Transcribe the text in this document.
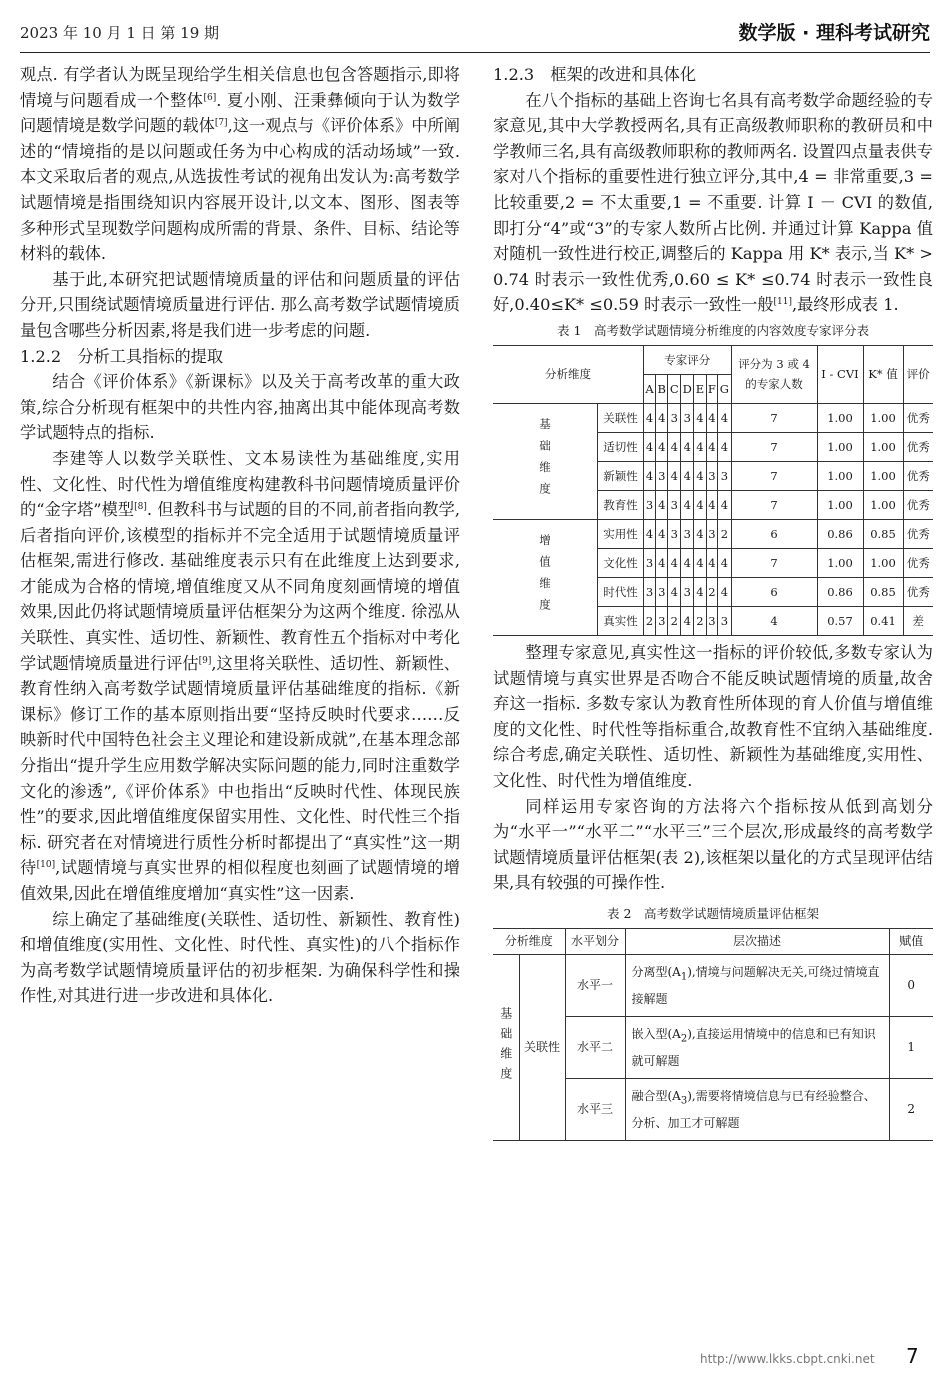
2023 年 10 月 1 日 第 19 期	数学版 · 理科考试研究

观点. 有学者认为既呈现给学生相关信息也包含答题指示,即将情境与问题看成一个整体[6]. 夏小刚、汪秉彝倾向于认为数学问题情境是数学问题的载体[7],这一观点与《评价体系》中所阐述的“情境指的是以问题或任务为中心构成的活动场域”一致. 本文采取后者的观点,从选拔性考试的视角出发认为:高考数学试题情境是指围绕知识内容展开设计,以文本、图形、图表等多种形式呈现数学问题构成所需的背景、条件、目标、结论等材料的载体.

基于此,本研究把试题情境质量的评估和问题质量的评估分开,只围绕试题情境质量进行评估. 那么高考数学试题情境质量包含哪些分析因素,将是我们进一步考虑的问题.

1.2.2　分析工具指标的提取

结合《评价体系》《新课标》以及关于高考改革的重大政策,综合分析现有框架中的共性内容,抽离出其中能体现高考数学试题特点的指标.

李建等人以数学关联性、文本易读性为基础维度,实用性、文化性、时代性为增值维度构建教科书问题情境质量评价的“金字塔”模型[8]. 但教科书与试题的目的不同,前者指向教学,后者指向评价,该模型的指标并不完全适用于试题情境质量评估框架,需进行修改. 基础维度表示只有在此维度上达到要求,才能成为合格的情境,增值维度又从不同角度刻画情境的增值效果,因此仍将试题情境质量评估框架分为这两个维度. 徐泓从关联性、真实性、适切性、新颖性、教育性五个指标对中考化学试题情境质量进行评估[9],这里将关联性、适切性、新颖性、教育性纳入高考数学试题情境质量评估基础维度的指标.《新课标》修订工作的基本原则指出要“坚持反映时代要求……反映新时代中国特色社会主义理论和建设新成就”,在基本理念部分指出“提升学生应用数学解决实际问题的能力,同时注重数学文化的渗透”,《评价体系》中也指出“反映时代性、体现民族性”的要求,因此增值维度保留实用性、文化性、时代性三个指标. 研究者在对情境进行质性分析时都提出了“真实性”这一期待[10],试题情境与真实世界的相似程度也刻画了试题情境的增值效果,因此在增值维度增加“真实性”这一因素.

综上确定了基础维度(关联性、适切性、新颖性、教育性)和增值维度(实用性、文化性、时代性、真实性)的八个指标作为高考数学试题情境质量评估的初步框架. 为确保科学性和操作性,对其进行进一步改进和具体化.

1.2.3　框架的改进和具体化

在八个指标的基础上咨询七名具有高考数学命题经验的专家意见,其中大学教授两名,具有正高级教师职称的教研员和中学教师三名,具有高级教师职称的教师两名. 设置四点量表供专家对八个指标的重要性进行独立评分,其中,4 = 非常重要,3 = 比较重要,2 = 不太重要,1 = 不重要. 计算 Ⅰ － CVI 的数值,即打分“4”或“3”的专家人数所占比例. 并通过计算 Kappa 值对随机一致性进行校正,调整后的 Kappa 用 K* 表示,当 K* > 0.74 时表示一致性优秀,0.60 ≤ K* ≤0.74 时表示一致性良好,0.40≤K* ≤0.59 时表示一致性一般[11],最终形成表 1.

表 1　高考数学试题情境分析维度的内容效度专家评分表
分析维度		专家评分							评分为 3 或 4 的专家人数	Ⅰ - CVI	K* 值	评价
		A	B	C	D	E	F	G				
基础维度	关联性	4	4	3	3	4	4	4	7	1.00	1.00	优秀
	适切性	4	4	4	4	4	4	4	7	1.00	1.00	优秀
	新颖性	4	3	4	4	4	3	3	7	1.00	1.00	优秀
	教育性	3	4	3	4	4	4	4	7	1.00	1.00	优秀
增值维度	实用性	4	4	3	3	4	3	2	6	0.86	0.85	优秀
	文化性	3	4	4	4	4	4	4	7	1.00	1.00	优秀
	时代性	3	3	4	3	4	2	4	6	0.86	0.85	优秀
	真实性	2	3	2	4	2	3	3	4	0.57	0.41	差

整理专家意见,真实性这一指标的评价较低,多数专家认为试题情境与真实世界是否吻合不能反映试题情境的质量,故舍弃这一指标. 多数专家认为教育性所体现的育人价值与增值维度的文化性、时代性等指标重合,故教育性不宜纳入基础维度. 综合考虑,确定关联性、适切性、新颖性为基础维度,实用性、文化性、时代性为增值维度.

同样运用专家咨询的方法将六个指标按从低到高划分为“水平一”“水平二”“水平三”三个层次,形成最终的高考数学试题情境质量评估框架(表 2),该框架以量化的方式呈现评估结果,具有较强的可操作性.

表 2　高考数学试题情境质量评估框架
分析维度		水平划分	层次描述	赋值
基础维度	关联性	水平一	分离型$(A_1)$,情境与问题解决无关,可绕过情境直接解题	0
		水平二	嵌入型$(A_2)$,直接运用情境中的信息和已有知识就可解题	1
		水平三	融合型$(A_3)$,需要将情境信息与已有经验整合、分析、加工才可解题	2
http://www.lkks.cbpt.cnki.net 7
